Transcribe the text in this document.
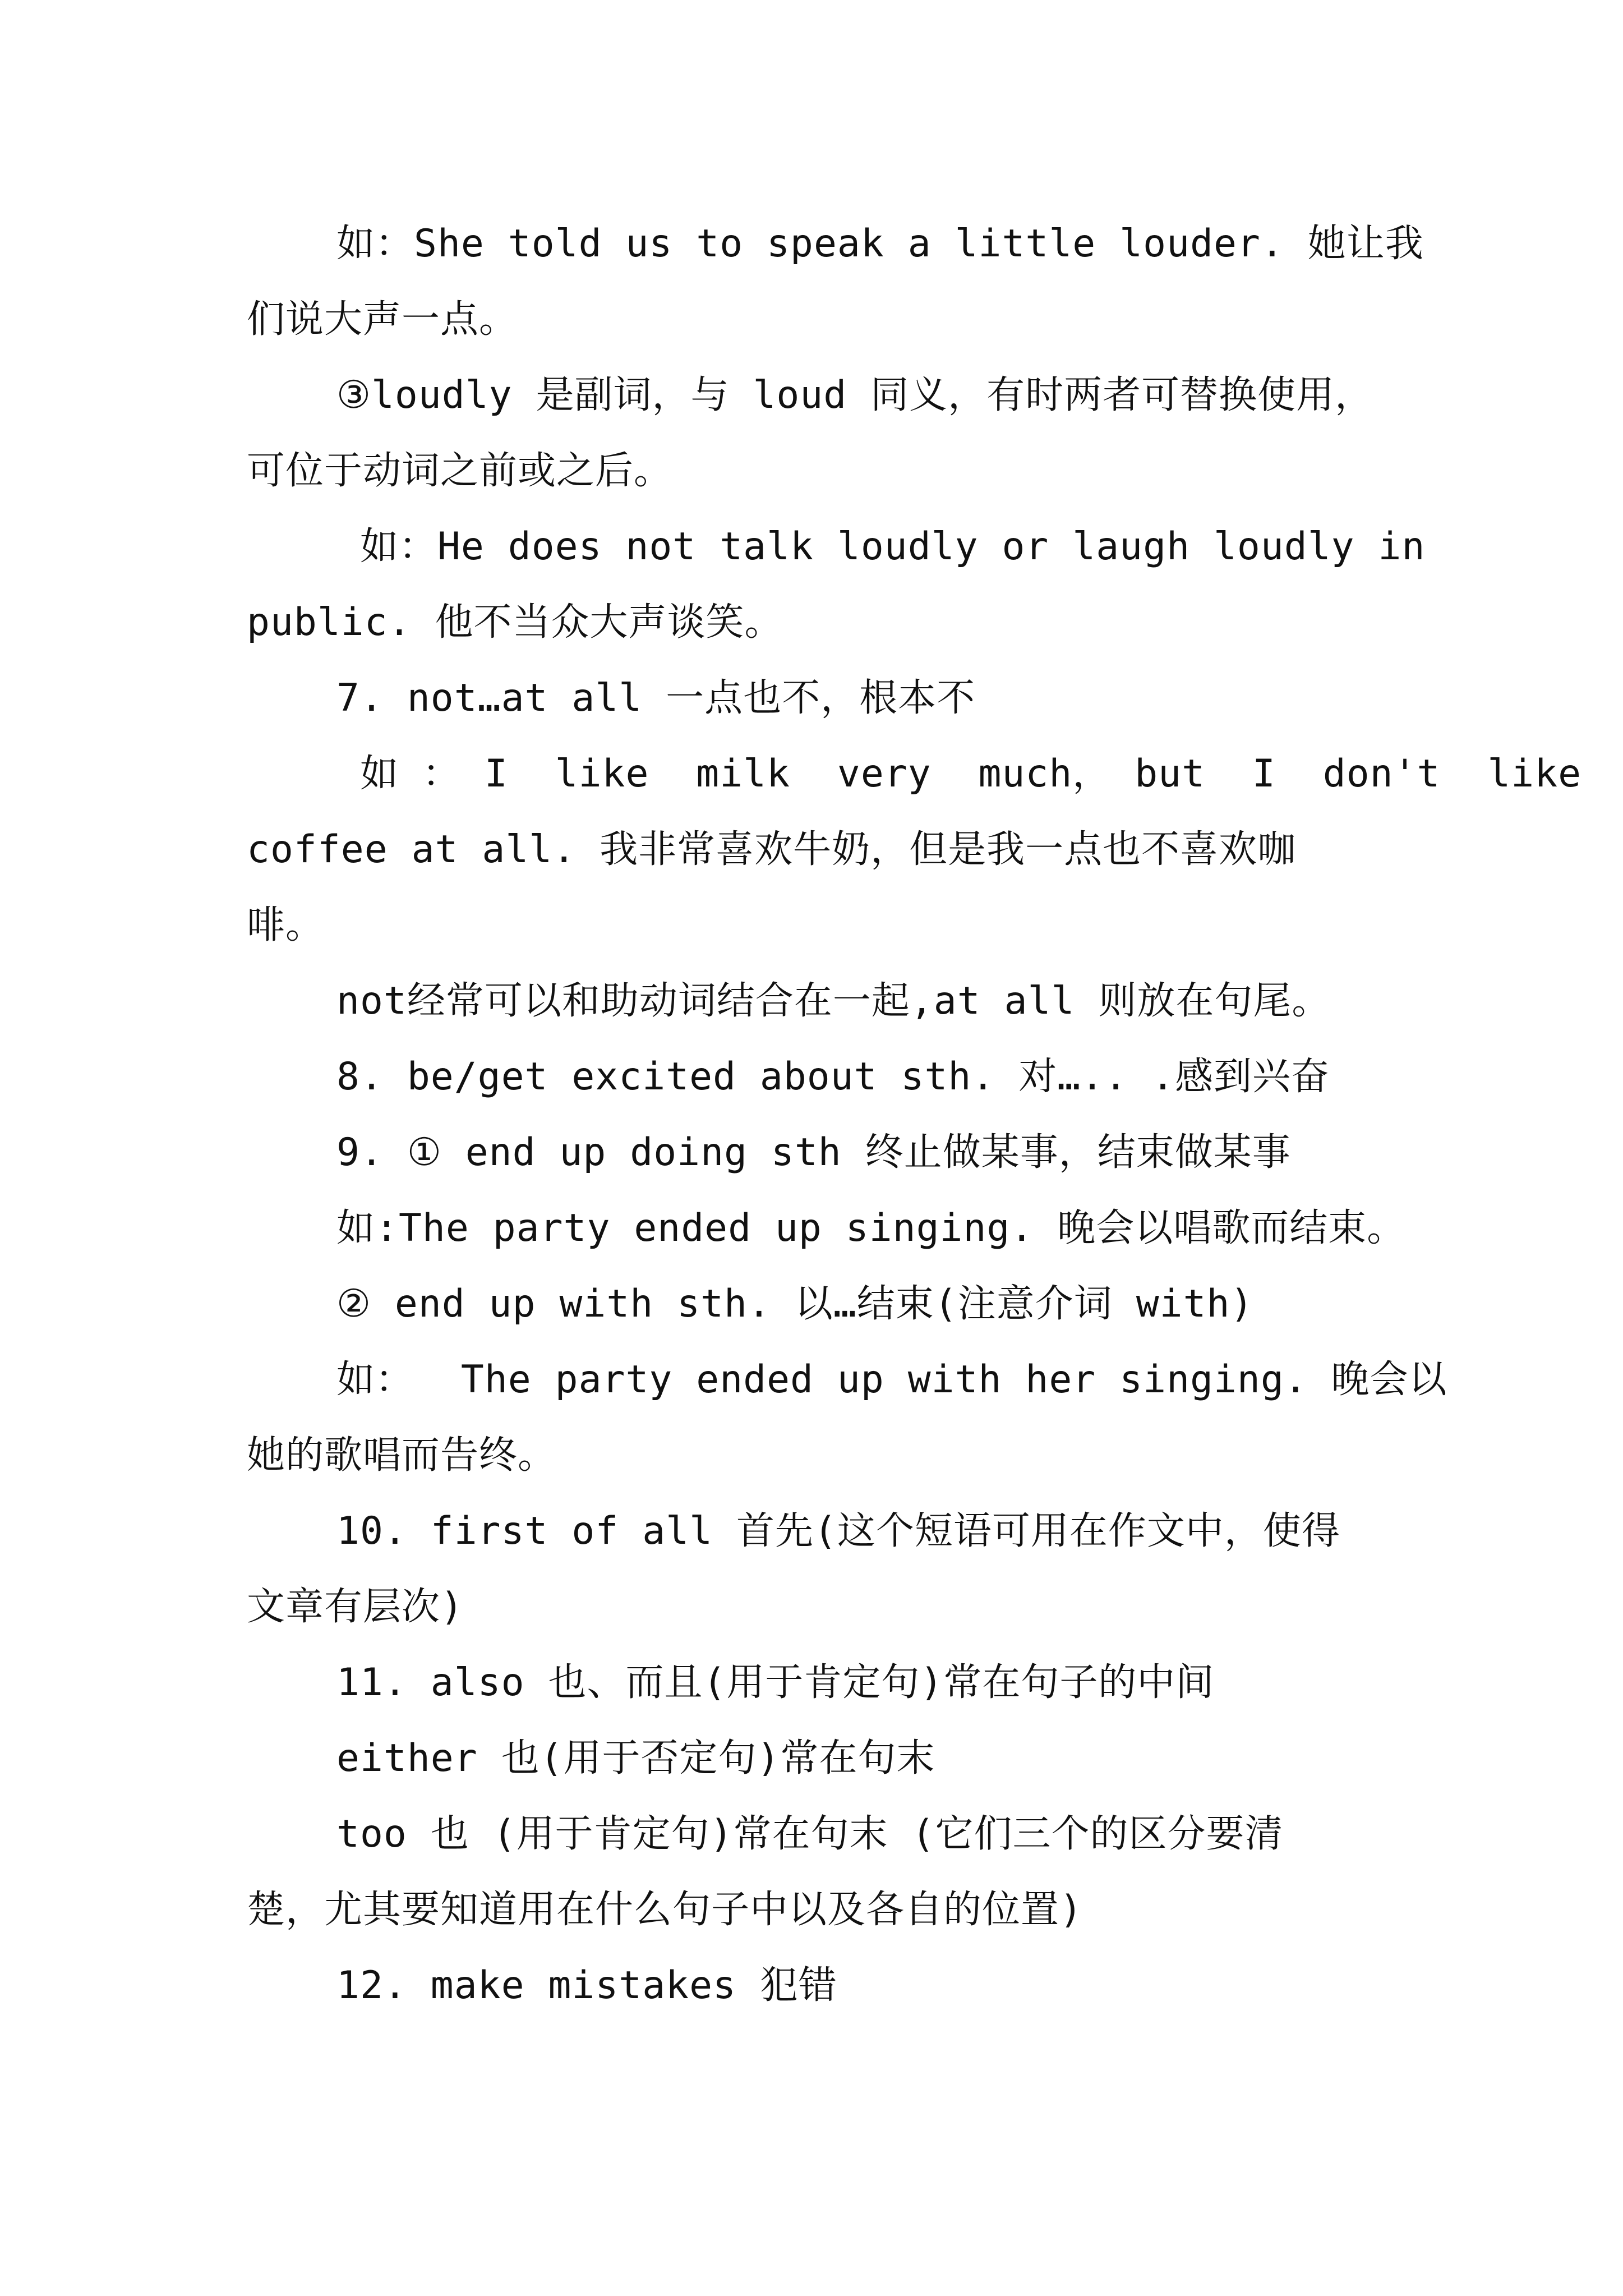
如：She told us to speak a little louder. 她让我
们说大声一点。
③loudly 是副词，与 loud 同义，有时两者可替换使用，
可位于动词之前或之后。
如：He does not talk loudly or laugh loudly in
public. 他不当众大声谈笑。
7. not…at all 一点也不，根本不
如 ： I  like  milk  very  much， but  I  don't  like
coffee at all. 我非常喜欢牛奶，但是我一点也不喜欢咖
啡。
not经常可以和助动词结合在一起,at all 则放在句尾。
8. be/get excited about sth. 对….. .感到兴奋
9. ① end up doing sth 终止做某事，结束做某事
如:The party ended up singing. 晚会以唱歌而结束。
② end up with sth. 以…结束(注意介词 with)
如：  The party ended up with her singing. 晚会以
她的歌唱而告终。
10. first of all 首先(这个短语可用在作文中，使得
文章有层次)
11. also 也、而且(用于肯定句)常在句子的中间
either 也(用于否定句)常在句末
too 也 (用于肯定句)常在句末 (它们三个的区分要清
楚，尤其要知道用在什么句子中以及各自的位置)
12. make mistakes 犯错
